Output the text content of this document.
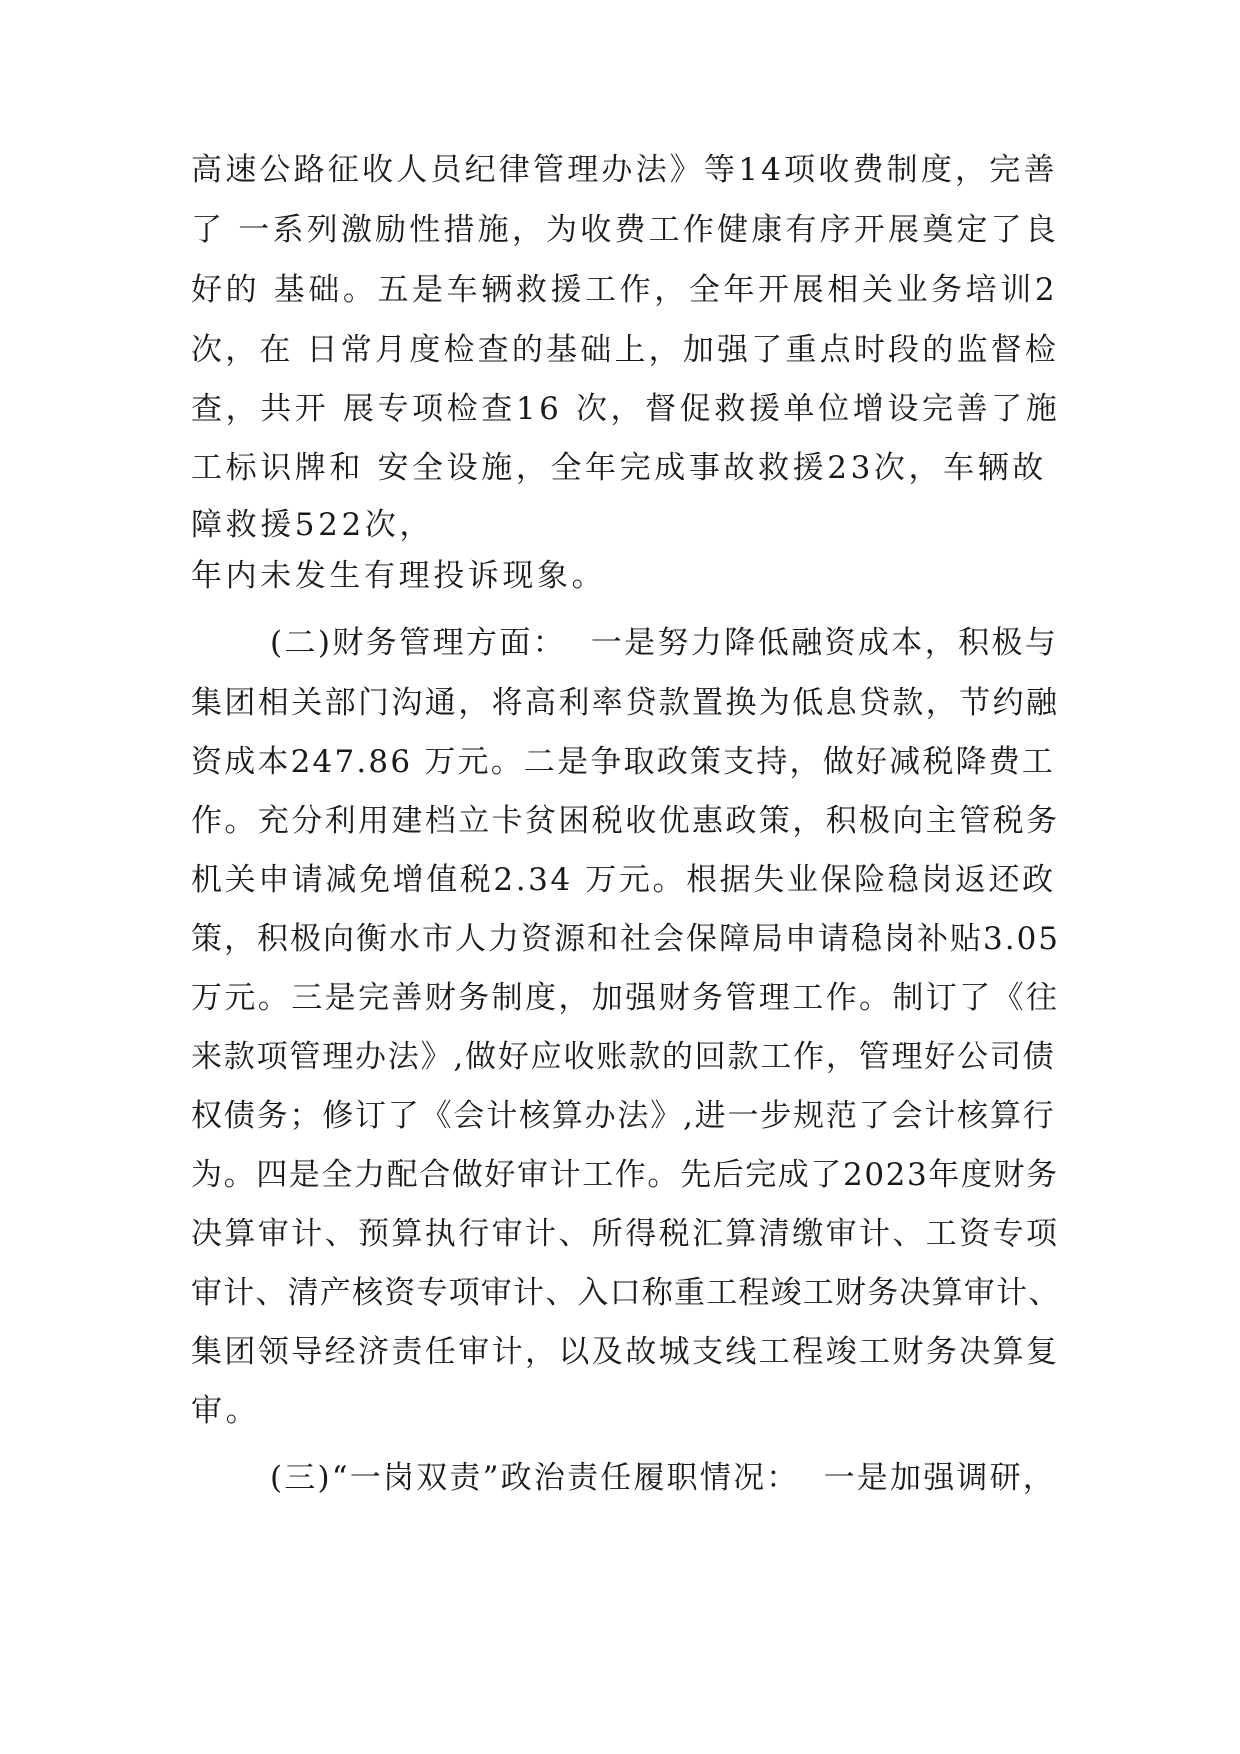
高速公路征收人员纪律管理办法》等14项收费制度，完善
了 一系列激励性措施，为收费工作健康有序开展奠定了良
好的 基础。五是车辆救援工作，全年开展相关业务培训2
次，在 日常月度检查的基础上，加强了重点时段的监督检
查，共开 展专项检查16 次，督促救援单位增设完善了施
工标识牌和 安全设施，全年完成事故救援23次，车辆故
障救援522次，
年内未发生有理投诉现象。
(二)财务管理方面：  一是努力降低融资成本，积极与
集团相关部门沟通，将高利率贷款置换为低息贷款，节约融
资成本247.86 万元。二是争取政策支持，做好减税降费工
作。充分利用建档立卡贫困税收优惠政策，积极向主管税务
机关申请减免增值税2.34 万元。根据失业保险稳岗返还政
策，积极向衡水市人力资源和社会保障局申请稳岗补贴3.05
万元。三是完善财务制度，加强财务管理工作。制订了《往
来款项管理办法》,做好应收账款的回款工作，管理好公司债
权债务；修订了《会计核算办法》,进一步规范了会计核算行
为。四是全力配合做好审计工作。先后完成了2023年度财务
决算审计、预算执行审计、所得税汇算清缴审计、工资专项
审计、清产核资专项审计、入口称重工程竣工财务决算审计、
集团领导经济责任审计，以及故城支线工程竣工财务决算复
审。
(三)“一岗双责”政治责任履职情况：  一是加强调研，
